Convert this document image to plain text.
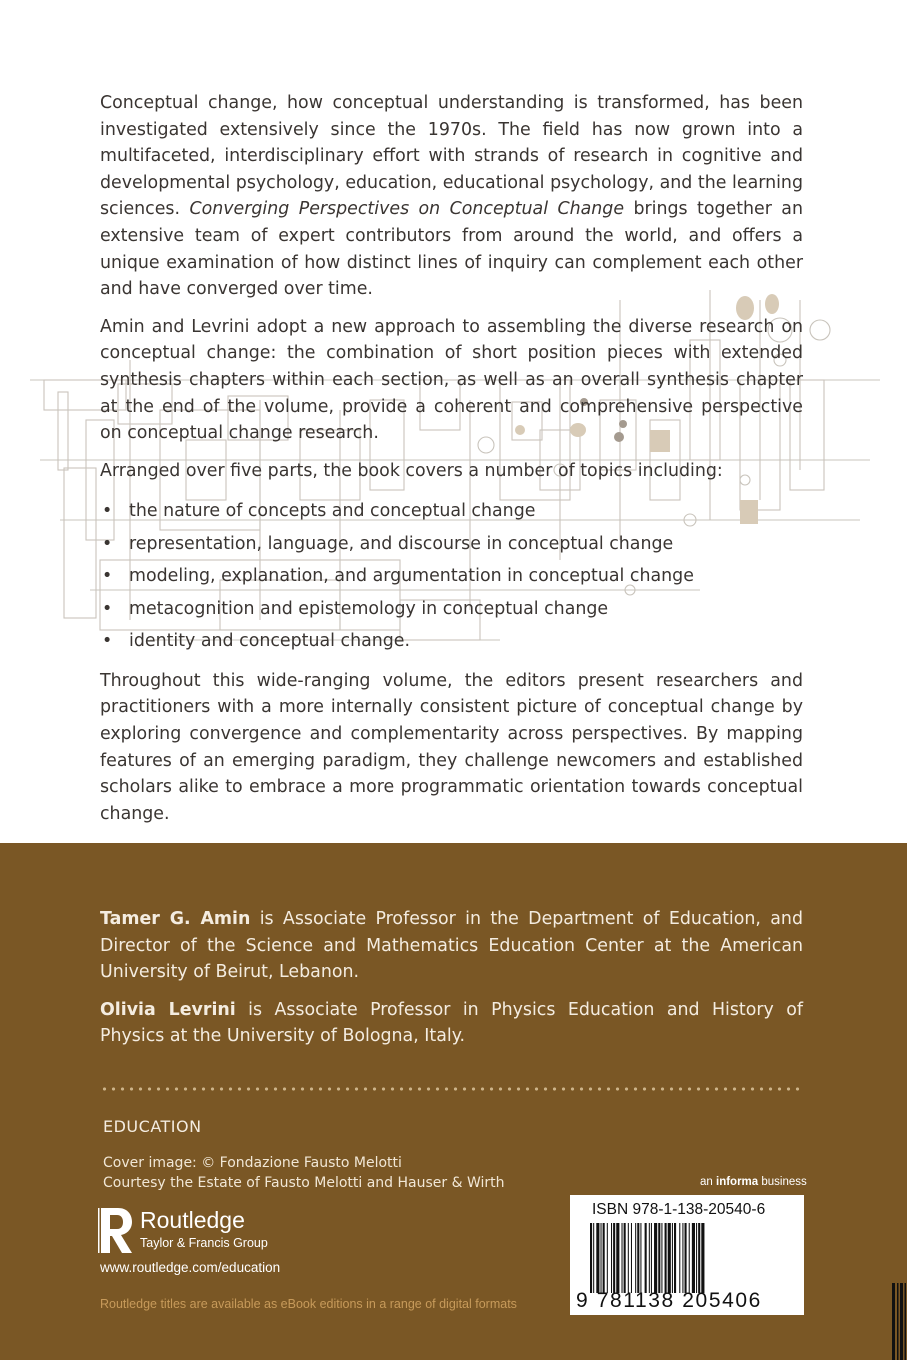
Conceptual change, how conceptual understanding is transformed, has been investigated extensively since the 1970s. The field has now grown into a multifaceted, interdisciplinary effort with strands of research in cognitive and developmental psychology, education, educational psychology, and the learning sciences. Converging Perspectives on Conceptual Change brings together an extensive team of expert contributors from around the world, and offers a unique examination of how distinct lines of inquiry can complement each other and have converged over time.

Amin and Levrini adopt a new approach to assembling the diverse research on conceptual change: the combination of short position pieces with extended synthesis chapters within each section, as well as an overall synthesis chapter at the end of the volume, provide a coherent and comprehensive perspective on conceptual change research.

Arranged over five parts, the book covers a number of topics including:

• the nature of concepts and conceptual change
• representation, language, and discourse in conceptual change
• modeling, explanation, and argumentation in conceptual change
• metacognition and epistemology in conceptual change
• identity and conceptual change.

Throughout this wide-ranging volume, the editors present researchers and practitioners with a more internally consistent picture of conceptual change by exploring convergence and complementarity across perspectives. By mapping features of an emerging paradigm, they challenge newcomers and established scholars alike to embrace a more programmatic orientation towards conceptual change.

Tamer G. Amin is Associate Professor in the Department of Education, and Director of the Science and Mathematics Education Center at the American University of Beirut, Lebanon.

Olivia Levrini is Associate Professor in Physics Education and History of Physics at the University of Bologna, Italy.

EDUCATION
Cover image: © Fondazione Fausto Melotti
Courtesy the Estate of Fausto Melotti and Hauser & Wirth
Routledge
Taylor & Francis Group
www.routledge.com/education
Routledge titles are available as eBook editions in a range of digital formats
an informa business
ISBN 978-1-138-20540-6
9 781138 205406
